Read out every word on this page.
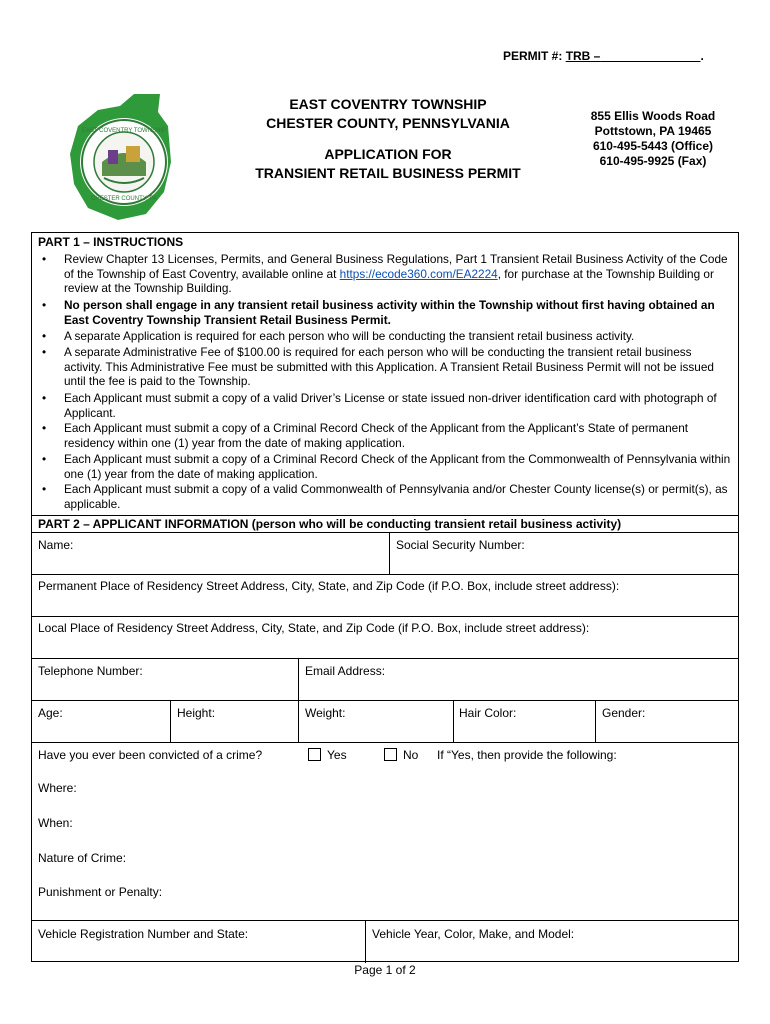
PERMIT #: TRB –_______________.
EAST COVENTRY TOWNSHIP
CHESTER COUNTY, PA
EAST COVENTRY TOWNSHIP
CHESTER COUNTY, PENNSYLVANIA
APPLICATION FOR
TRANSIENT RETAIL BUSINESS PERMIT
855 Ellis Woods Road
Pottstown, PA 19465
610-495-5443 (Office)
610-495-9925 (Fax)
PART 1 – INSTRUCTIONS
• Review Chapter 13 Licenses, Permits, and General Business Regulations, Part 1 Transient Retail Business Activity of the Code of the Township of East Coventry, available online at https://ecode360.com/EA2224, for purchase at the Township Building or review at the Township Building.
• No person shall engage in any transient retail business activity within the Township without first having obtained an East Coventry Township Transient Retail Business Permit.
• A separate Application is required for each person who will be conducting the transient retail business activity.
• A separate Administrative Fee of $100.00 is required for each person who will be conducting the transient retail business activity. This Administrative Fee must be submitted with this Application. A Transient Retail Business Permit will not be issued until the fee is paid to the Township.
• Each Applicant must submit a copy of a valid Driver’s License or state issued non-driver identification card with photograph of Applicant.
• Each Applicant must submit a copy of a Criminal Record Check of the Applicant from the Applicant’s State of permanent residency within one (1) year from the date of making application.
• Each Applicant must submit a copy of a Criminal Record Check of the Applicant from the Commonwealth of Pennsylvania within one (1) year from the date of making application.
• Each Applicant must submit a copy of a valid Commonwealth of Pennsylvania and/or Chester County license(s) or permit(s), as applicable.
PART 2 – APPLICANT INFORMATION (person who will be conducting transient retail business activity)
Name:	Social Security Number:
Permanent Place of Residency Street Address, City, State, and Zip Code (if P.O. Box, include street address):
Local Place of Residency Street Address, City, State, and Zip Code (if P.O. Box, include street address):
Telephone Number:	Email Address:
Age:	Height:	Weight:	Hair Color:	Gender:
Have you ever been convicted of a crime?	Yes	No If “Yes, then provide the following:
Where:
When:
Nature of Crime:
Punishment or Penalty:
Vehicle Registration Number and State:	Vehicle Year, Color, Make, and Model:
Page 1 of 2
